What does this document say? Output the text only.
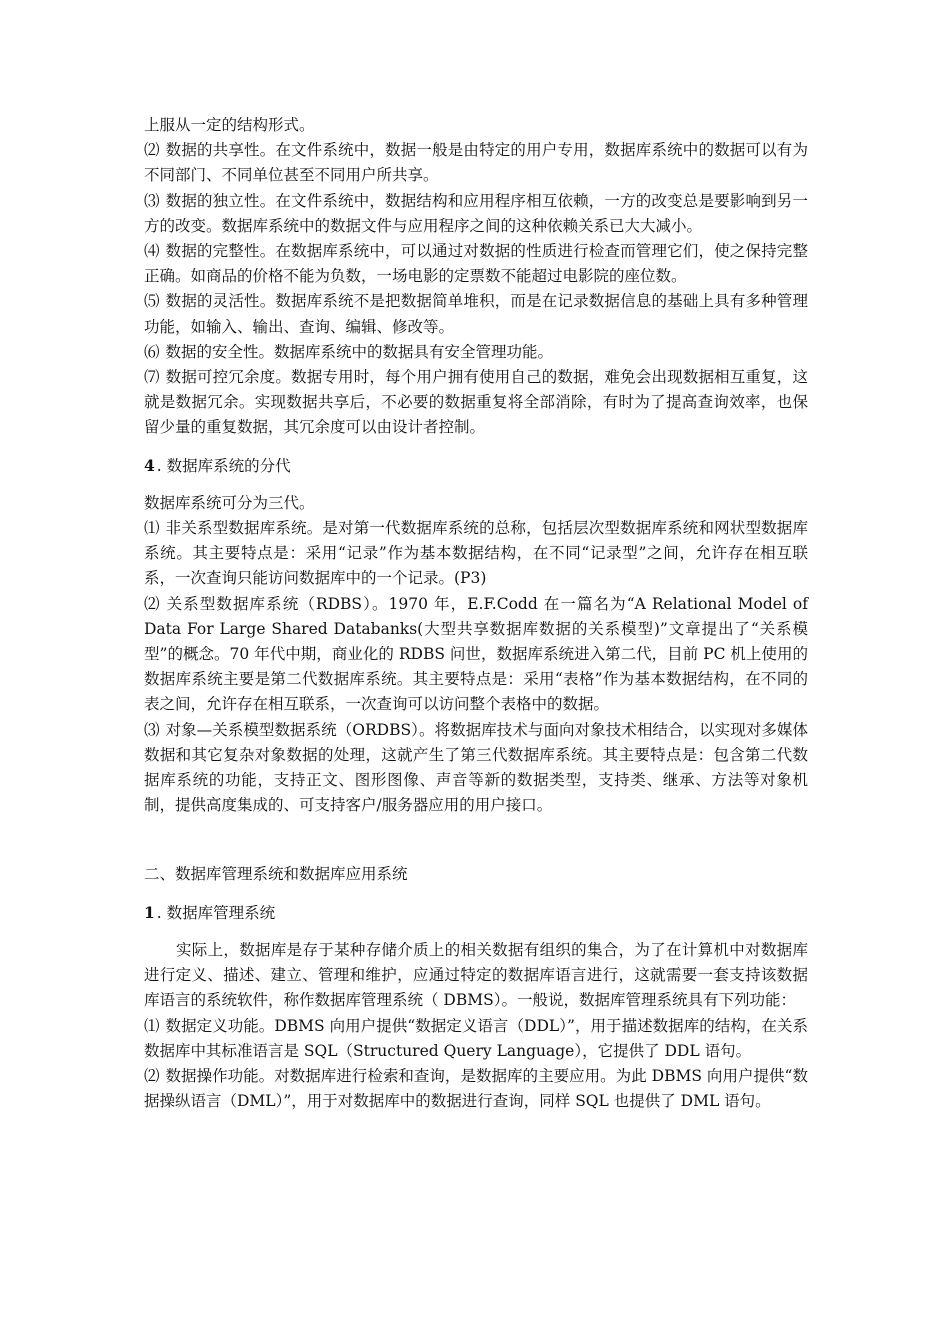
上服从一定的结构形式。

⑵ 数据的共享性。在文件系统中，数据一般是由特定的用户专用，数据库系统中的数据可以有为不同部门、不同单位甚至不同用户所共享。

⑶ 数据的独立性。在文件系统中，数据结构和应用程序相互依赖，一方的改变总是要影响到另一方的改变。数据库系统中的数据文件与应用程序之间的这种依赖关系已大大减小。

⑷ 数据的完整性。在数据库系统中，可以通过对数据的性质进行检查而管理它们，使之保持完整正确。如商品的价格不能为负数，一场电影的定票数不能超过电影院的座位数。

⑸ 数据的灵活性。数据库系统不是把数据简单堆积，而是在记录数据信息的基础上具有多种管理功能，如输入、输出、查询、编辑、修改等。

⑹ 数据的安全性。数据库系统中的数据具有安全管理功能。

⑺ 数据可控冗余度。数据专用时，每个用户拥有使用自己的数据，难免会出现数据相互重复，这就是数据冗余。实现数据共享后，不必要的数据重复将全部消除，有时为了提高查询效率，也保留少量的重复数据，其冗余度可以由设计者控制。

4 . 数据库系统的分代

数据库系统可分为三代。

⑴ 非关系型数据库系统。是对第一代数据库系统的总称，包括层次型数据库系统和网状型数据库系统。其主要特点是：采用“记录”作为基本数据结构，在不同“记录型”之间，允许存在相互联系，一次查询只能访问数据库中的一个记录。(P3)

⑵ 关系型数据库系统（RDBS）。1970 年，E.F.Codd 在一篇名为“A Relational Model of Data For Large Shared Databanks(大型共享数据库数据的关系模型)”文章提出了“关系模型”的概念。70 年代中期，商业化的 RDBS 问世，数据库系统进入第二代，目前 PC 机上使用的数据库系统主要是第二代数据库系统。其主要特点是：采用“表格”作为基本数据结构，在不同的表之间，允许存在相互联系，一次查询可以访问整个表格中的数据。

⑶ 对象—关系模型数据系统（ORDBS）。将数据库技术与面向对象技术相结合，以实现对多媒体数据和其它复杂对象数据的处理，这就产生了第三代数据库系统。其主要特点是：包含第二代数据库系统的功能，支持正文、图形图像、声音等新的数据类型，支持类、继承、方法等对象机制，提供高度集成的、可支持客户/服务器应用的用户接口。

二、数据库管理系统和数据库应用系统

1 . 数据库管理系统

实际上，数据库是存于某种存储介质上的相关数据有组织的集合，为了在计算机中对数据库进行定义、描述、建立、管理和维护，应通过特定的数据库语言进行，这就需要一套支持该数据库语言的系统软件，称作数据库管理系统（ DBMS）。一般说，数据库管理系统具有下列功能：

⑴ 数据定义功能。DBMS 向用户提供“数据定义语言（DDL）”，用于描述数据库的结构，在关系数据库中其标准语言是 SQL（Structured Query Language），它提供了 DDL 语句。

⑵ 数据操作功能。对数据库进行检索和查询，是数据库的主要应用。为此 DBMS 向用户提供“数据操纵语言（DML）”，用于对数据库中的数据进行查询，同样 SQL 也提供了 DML 语句。
